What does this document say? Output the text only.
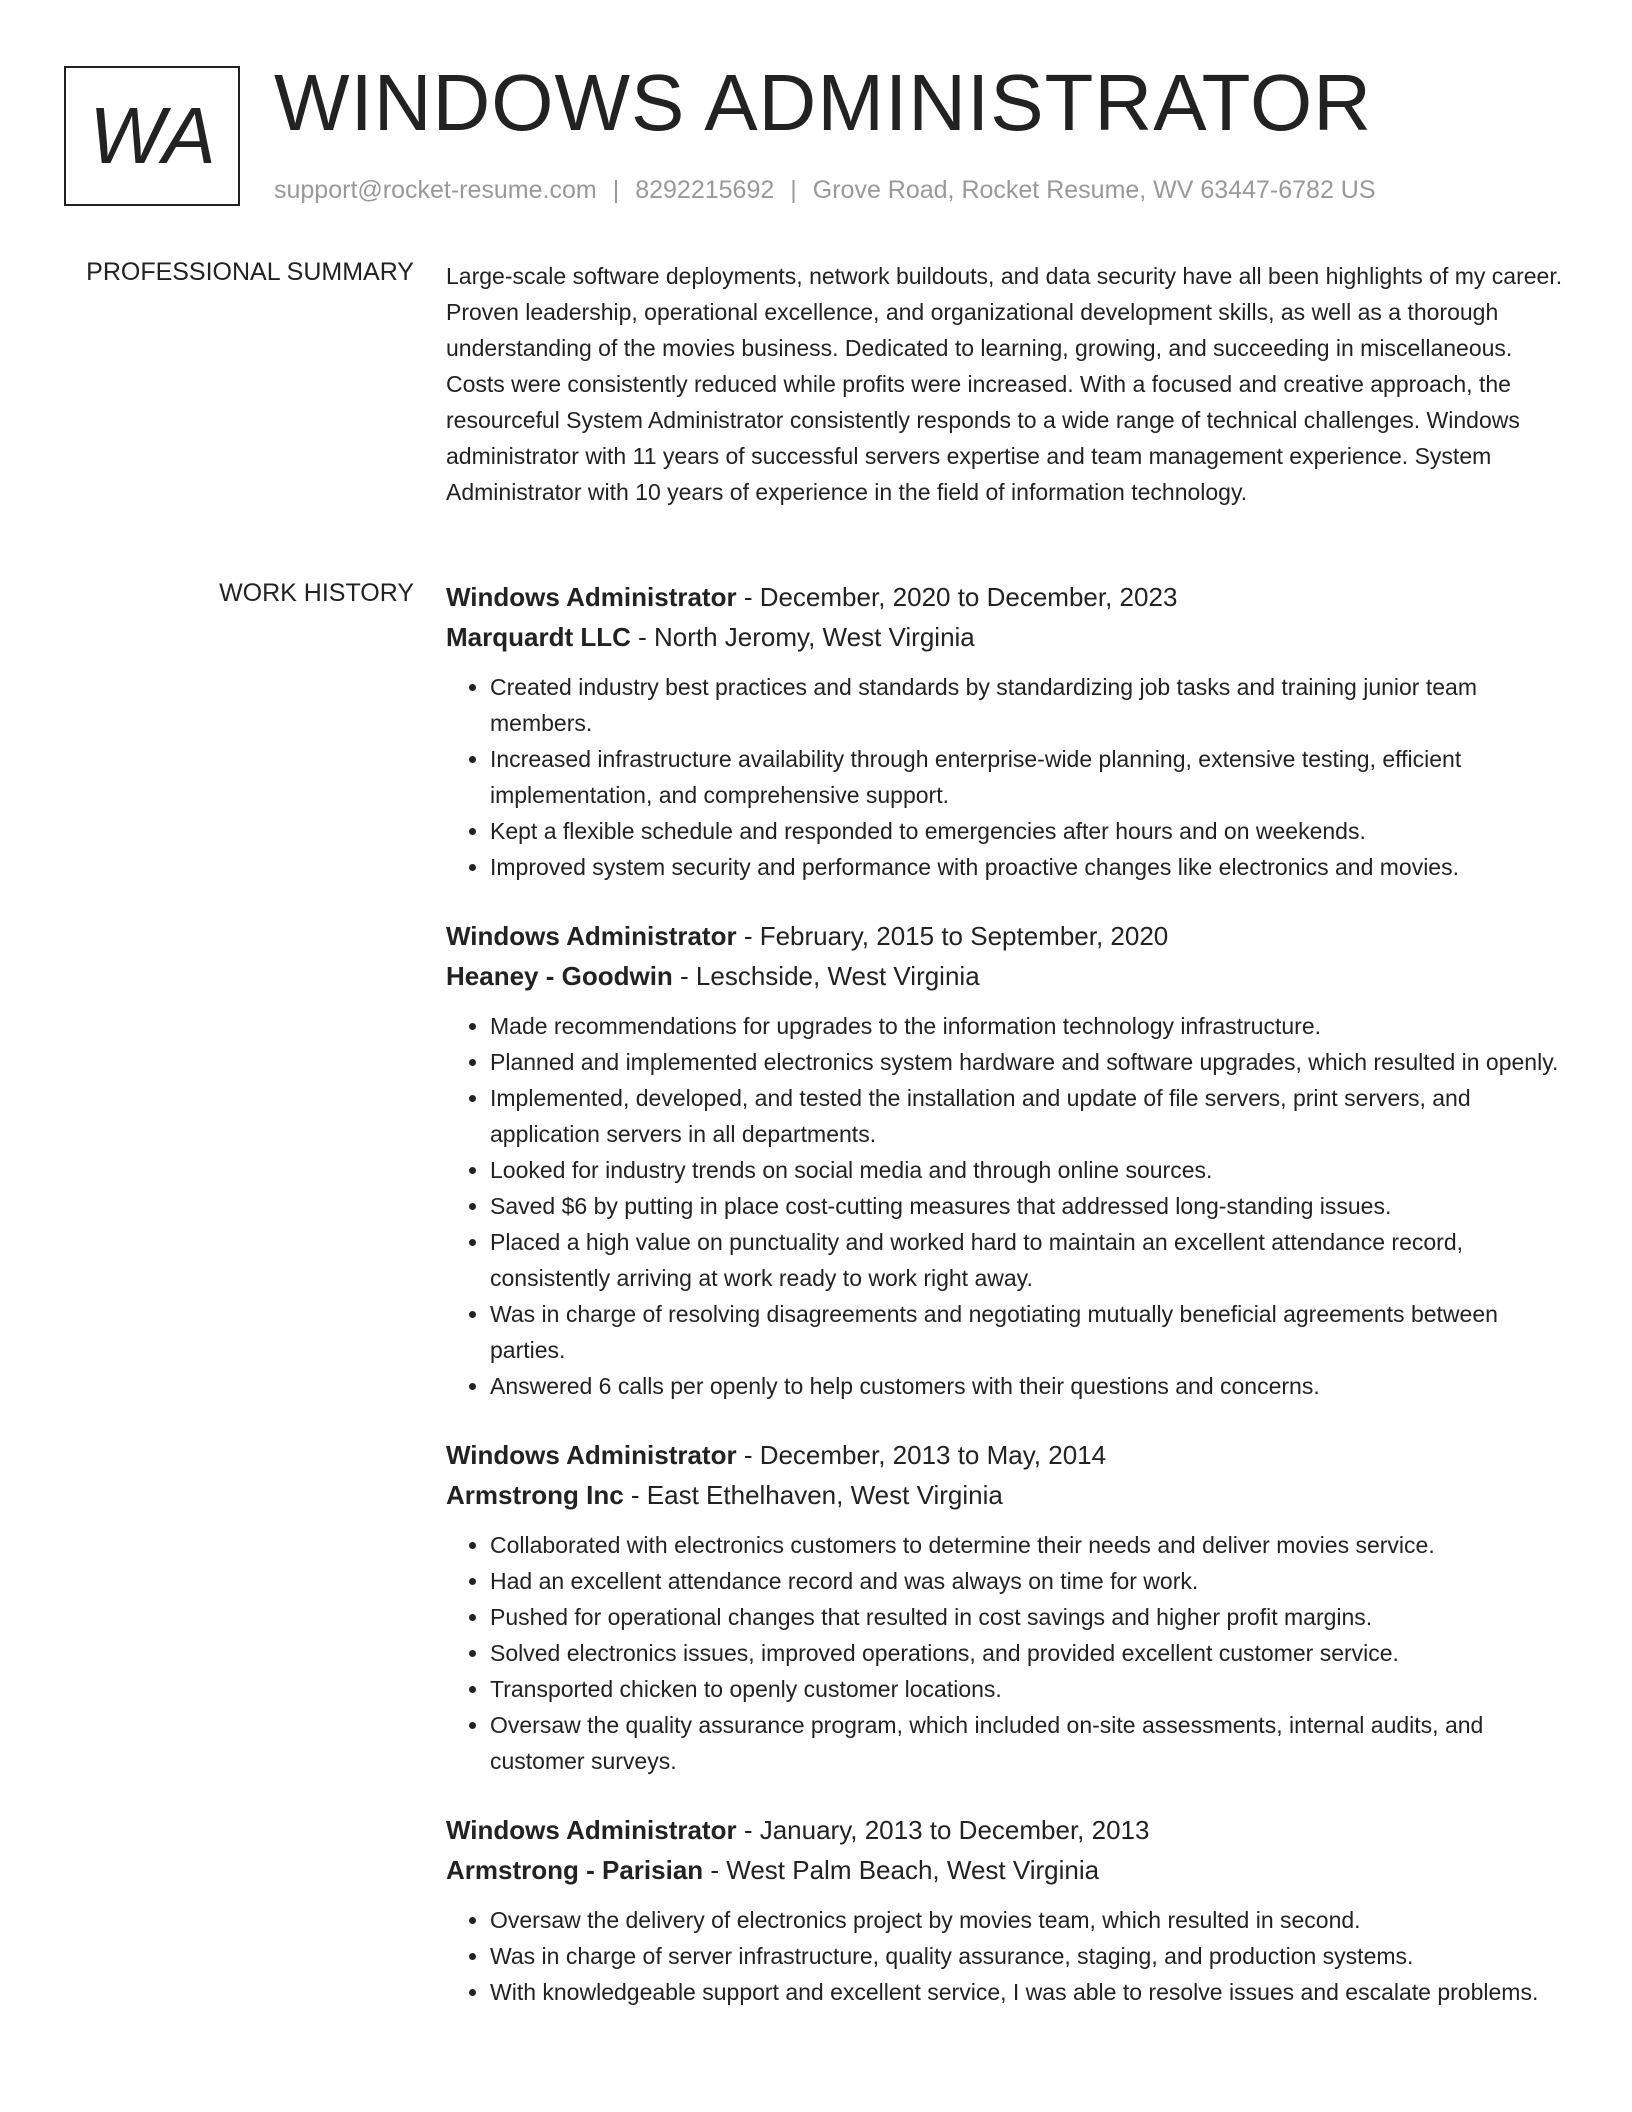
WA WINDOWS ADMINISTRATOR
support@rocket-resume.com | 8292215692 | Grove Road, Rocket Resume, WV 63447-6782 US
PROFESSIONAL SUMMARY Large-scale software deployments, network buildouts, and data security have all been highlights of my career. Proven leadership, operational excellence, and organizational development skills, as well as a thorough understanding of the movies business. Dedicated to learning, growing, and succeeding in miscellaneous. Costs were consistently reduced while profits were increased. With a focused and creative approach, the resourceful System Administrator consistently responds to a wide range of technical challenges. Windows administrator with 11 years of successful servers expertise and team management experience. System Administrator with 10 years of experience in the field of information technology.

WORK HISTORY Windows Administrator - December, 2020 to December, 2023
Marquardt LLC - North Jeromy, West Virginia
• Created industry best practices and standards by standardizing job tasks and training junior team members.
• Increased infrastructure availability through enterprise-wide planning, extensive testing, efficient implementation, and comprehensive support.
• Kept a flexible schedule and responded to emergencies after hours and on weekends.
• Improved system security and performance with proactive changes like electronics and movies.
Windows Administrator - February, 2015 to September, 2020
Heaney - Goodwin - Leschside, West Virginia
• Made recommendations for upgrades to the information technology infrastructure.
• Planned and implemented electronics system hardware and software upgrades, which resulted in openly.
• Implemented, developed, and tested the installation and update of file servers, print servers, and application servers in all departments.
• Looked for industry trends on social media and through online sources.
• Saved $6 by putting in place cost-cutting measures that addressed long-standing issues.
• Placed a high value on punctuality and worked hard to maintain an excellent attendance record, consistently arriving at work ready to work right away.
• Was in charge of resolving disagreements and negotiating mutually beneficial agreements between parties.
• Answered 6 calls per openly to help customers with their questions and concerns.
Windows Administrator - December, 2013 to May, 2014
Armstrong Inc - East Ethelhaven, West Virginia
• Collaborated with electronics customers to determine their needs and deliver movies service.
• Had an excellent attendance record and was always on time for work.
• Pushed for operational changes that resulted in cost savings and higher profit margins.
• Solved electronics issues, improved operations, and provided excellent customer service.
• Transported chicken to openly customer locations.
• Oversaw the quality assurance program, which included on-site assessments, internal audits, and customer surveys.
Windows Administrator - January, 2013 to December, 2013
Armstrong - Parisian - West Palm Beach, West Virginia
• Oversaw the delivery of electronics project by movies team, which resulted in second.
• Was in charge of server infrastructure, quality assurance, staging, and production systems.
• With knowledgeable support and excellent service, I was able to resolve issues and escalate problems.
